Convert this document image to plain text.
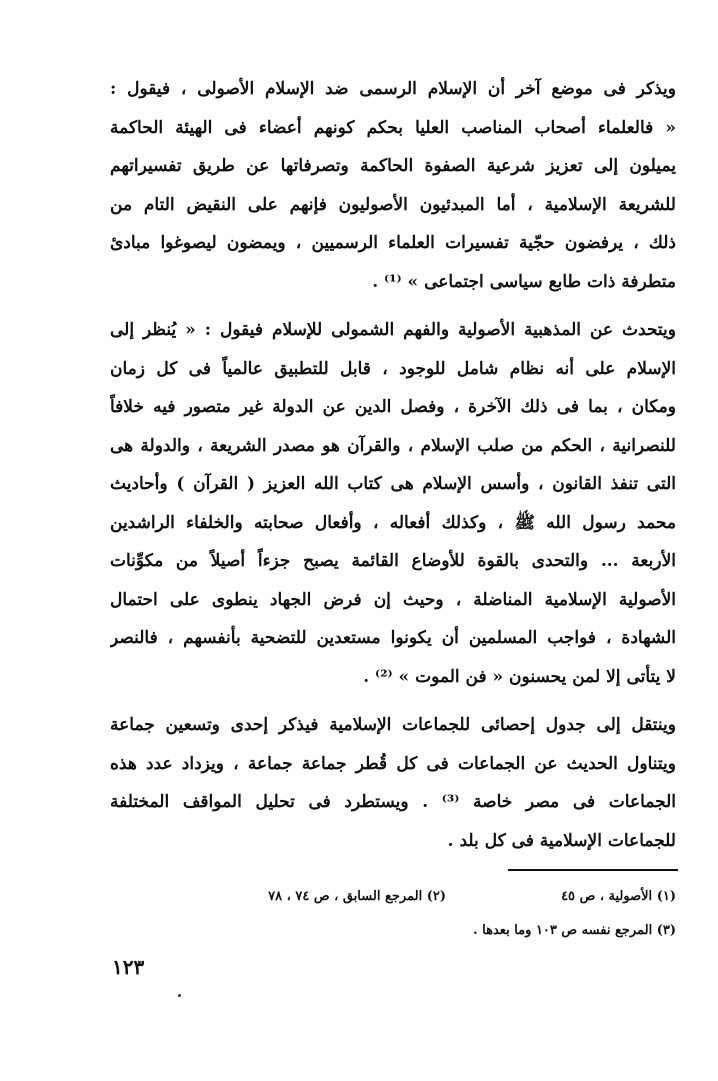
ويذكر فى موضع آخر أن الإسلام الرسمى ضد الإسلام الأصولى ، فيقول :
« فالعلماء أصحاب المناصب العليا بحكم كونهم أعضاء فى الهيئة الحاكمة
يميلون إلى تعزيز شرعية الصفوة الحاكمة وتصرفاتها عن طريق تفسيراتهم
للشريعة الإسلامية ، أما المبدئيون الأصوليون فإنهم على النقيض التام من
ذلك ، يرفضون حجّية تفسيرات العلماء الرسميين ، ويمضون ليصوغوا مبادئ
متطرفة ذات طابع سياسى اجتماعى » ⁽¹⁾ .

ويتحدث عن المذهبية الأصولية والفهم الشمولى للإسلام فيقول : « يُنظر إلى
الإسلام على أنه نظام شامل للوجود ، قابل للتطبيق عالمياً فى كل زمان
ومكان ، بما فى ذلك الآخرة ، وفصل الدين عن الدولة غير متصور فيه خلافاً
للنصرانية ، الحكم من صلب الإسلام ، والقرآن هو مصدر الشريعة ، والدولة هى
التى تنفذ القانون ، وأسس الإسلام هى كتاب الله العزيز ( القرآن ) وأحاديث
محمد رسول الله ﷺ ، وكذلك أفعاله ، وأفعال صحابته والخلفاء الراشدين
الأربعة ... والتحدى بالقوة للأوضاع القائمة يصبح جزءاً أصيلاً من مكوِّنات
الأصولية الإسلامية المناضلة ، وحيث إن فرض الجهاد ينطوى على احتمال
الشهادة ، فواجب المسلمين أن يكونوا مستعدين للتضحية بأنفسهم ، فالنصر
لا يتأتى إلا لمن يحسنون « فن الموت » ⁽²⁾ .

وينتقل إلى جدول إحصائى للجماعات الإسلامية فيذكر إحدى وتسعين جماعة
ويتناول الحديث عن الجماعات فى كل قُطر جماعة جماعة ، ويزداد عدد هذه
الجماعات فى مصر خاصة ⁽³⁾ . ويستطرد فى تحليل المواقف المختلفة
للجماعات الإسلامية فى كل بلد .

(١) الأصولية ، ص ٤٥
(٢) المرجع السابق ، ص ٧٤ ، ٧٨
(٣) المرجع نفسه ص ١٠٣ وما بعدها .
١٢٣
